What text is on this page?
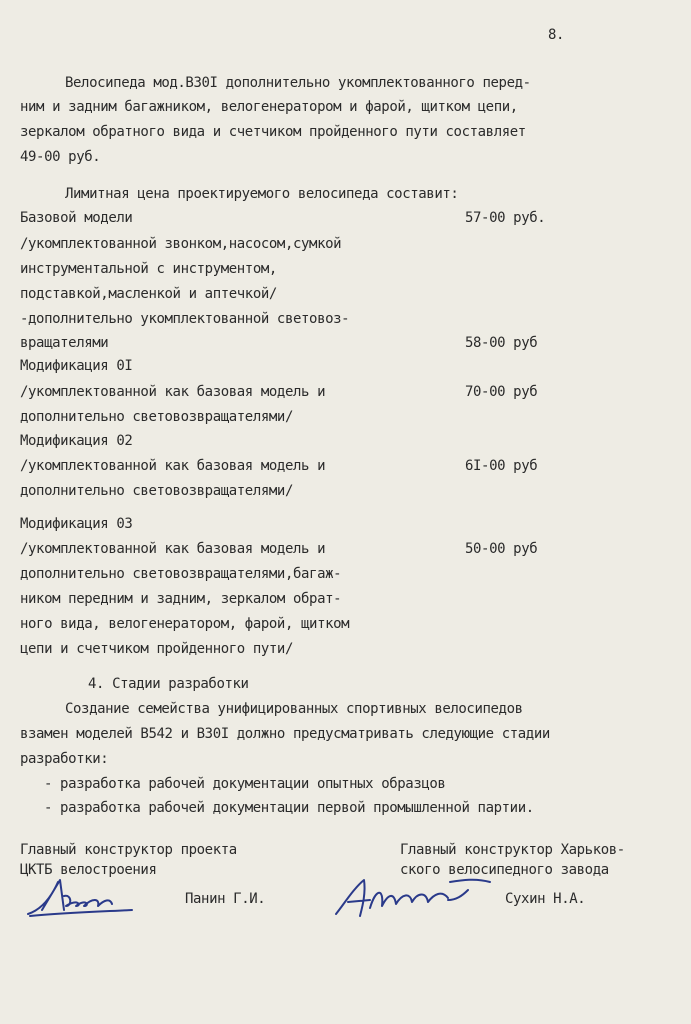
8.
Велосипеда мод.В30I дополнительно укомплектованного перед-
ним и задним багажником, велогенератором и фарой, щитком цепи,
зеркалом обратного вида и счетчиком пройденного пути составляет
49-00 руб.
Лимитная цена проектируемого велосипеда составит:
Базовой модели	57-00 руб.
/укомплектованной звонком,насосом,сумкой
инструментальной с инструментом,
подставкой,масленкой и аптечкой/
-дополнительно укомплектованной световоз-
вращателями	58-00 руб
Модификация 0I
/укомплектованной как базовая модель и	70-00 руб
дополнительно световозвращателями/
Модификация 02
/укомплектованной как базовая модель и	6I-00 руб
дополнительно световозвращателями/
Модификация 03
/укомплектованной как базовая модель и	50-00 руб
дополнительно световозвращателями,багаж-
ником передним и задним, зеркалом обрат-
ного вида, велогенератором, фарой, щитком
цепи и счетчиком пройденного пути/
4. Стадии разработки
Создание семейства унифицированных спортивных велосипедов
взамен моделей В542 и В30I должно предусматривать следующие стадии
разработки:
- разработка рабочей документации опытных образцов
- разработка рабочей документации первой промышленной партии.
Главный конструктор проекта
ЦКТБ велостроения
Панин Г.И.
Главный конструктор Харьков-
ского велосипедного завода
Сухин Н.А.
